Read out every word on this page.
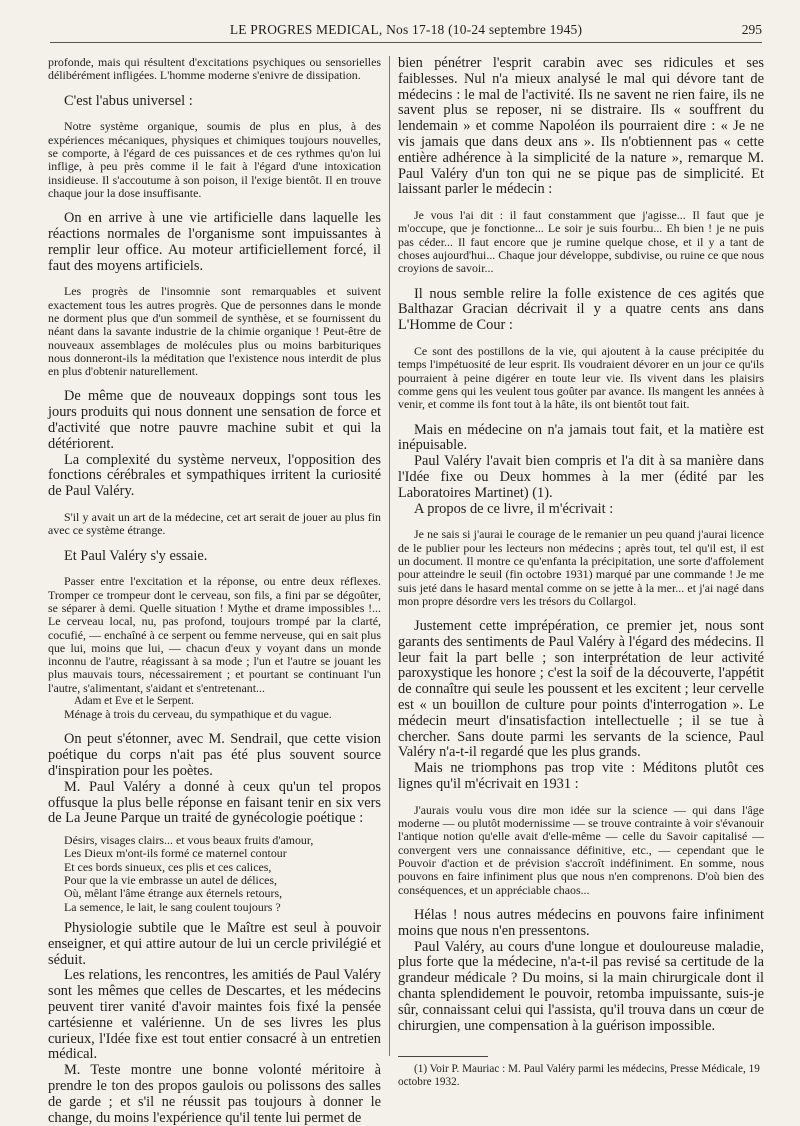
LE PROGRES MEDICAL, Nos 17-18 (10-24 septembre 1945)	295

profonde, mais qui résultent d'excitations psychiques ou sensorielles délibérément infligées. L'homme moderne s'enivre de dissipation.

C'est l'abus universel :

Notre système organique, soumis de plus en plus, à des expériences mécaniques, physiques et chimiques toujours nouvelles, se comporte, à l'égard de ces puissances et de ces rythmes qu'on lui inflige, à peu près comme il le fait à l'égard d'une intoxication insidieuse. Il s'accoutume à son poison, il l'exige bientôt. Il en trouve chaque jour la dose insuffisante.

On en arrive à une vie artificielle dans laquelle les réactions normales de l'organisme sont impuissantes à remplir leur office. Au moteur artificiellement forcé, il faut des moyens artificiels.

Les progrès de l'insomnie sont remarquables et suivent exactement tous les autres progrès. Que de personnes dans le monde ne dorment plus que d'un sommeil de synthèse, et se fournissent du néant dans la savante industrie de la chimie organique ! Peut-être de nouveaux assemblages de molécules plus ou moins barbituriques nous donneront-ils la méditation que l'existence nous interdit de plus en plus d'obtenir naturellement.

De même que de nouveaux doppings sont tous les jours produits qui nous donnent une sensation de force et d'activité que notre pauvre machine subit et qui la détériorent.

La complexité du système nerveux, l'opposition des fonctions cérébrales et sympathiques irritent la curiosité de Paul Valéry.

S'il y avait un art de la médecine, cet art serait de jouer au plus fin avec ce système étrange.

Et Paul Valéry s'y essaie.

Passer entre l'excitation et la réponse, ou entre deux réflexes. Tromper ce trompeur dont le cerveau, son fils, a fini par se dégoûter, se séparer à demi. Quelle situation ! Mythe et drame impossibles !... Le cerveau local, nu, pas profond, toujours trompé par la clarté, cocufié, — enchaîné à ce serpent ou femme nerveuse, qui en sait plus que lui, moins que lui, — chacun d'eux y voyant dans un monde inconnu de l'autre, réagissant à sa mode ; l'un et l'autre se jouant les plus mauvais tours, nécessairement ; et pourtant se continuant l'un l'autre, s'alimentant, s'aidant et s'entretenant...

Adam et Eve et le Serpent.

Ménage à trois du cerveau, du sympathique et du vague.

On peut s'étonner, avec M. Sendrail, que cette vision poétique du corps n'ait pas été plus souvent source d'inspiration pour les poètes.

M. Paul Valéry a donné à ceux qu'un tel propos offusque la plus belle réponse en faisant tenir en six vers de La Jeune Parque un traité de gynécologie poétique :

Désirs, visages clairs... et vous beaux fruits d'amour,

Les Dieux m'ont-ils formé ce maternel contour

Et ces bords sinueux, ces plis et ces calices,

Pour que la vie embrasse un autel de délices,

Où, mêlant l'âme étrange aux éternels retours,

La semence, le lait, le sang coulent toujours ?

Physiologie subtile que le Maître est seul à pouvoir enseigner, et qui attire autour de lui un cercle privilégié et séduit.

Les relations, les rencontres, les amitiés de Paul Valéry sont les mêmes que celles de Descartes, et les médecins peuvent tirer vanité d'avoir maintes fois fixé la pensée cartésienne et valérienne. Un de ses livres les plus curieux, l'Idée fixe est tout entier consacré à un entretien médical.

M. Teste montre une bonne volonté méritoire à prendre le ton des propos gaulois ou polissons des salles de garde ; et s'il ne réussit pas toujours à donner le change, du moins l'expérience qu'il tente lui permet de

bien pénétrer l'esprit carabin avec ses ridicules et ses faiblesses. Nul n'a mieux analysé le mal qui dévore tant de médecins : le mal de l'activité. Ils ne savent ne rien faire, ils ne savent plus se reposer, ni se distraire. Ils « souffrent du lendemain » et comme Napoléon ils pourraient dire : « Je ne vis jamais que dans deux ans ». Ils n'obtiennent pas « cette entière adhérence à la simplicité de la nature », remarque M. Paul Valéry d'un ton qui ne se pique pas de simplicité. Et laissant parler le médecin :

Je vous l'ai dit : il faut constamment que j'agisse... Il faut que je m'occupe, que je fonctionne... Le soir je suis fourbu... Eh bien ! je ne puis pas céder... Il faut encore que je rumine quelque chose, et il y a tant de choses aujourd'hui... Chaque jour développe, subdivise, ou ruine ce que nous croyions de savoir...

Il nous semble relire la folle existence de ces agités que Balthazar Gracian décrivait il y a quatre cents ans dans L'Homme de Cour :

Ce sont des postillons de la vie, qui ajoutent à la cause précipitée du temps l'impétuosité de leur esprit. Ils voudraient dévorer en un jour ce qu'ils pourraient à peine digérer en toute leur vie. Ils vivent dans les plaisirs comme gens qui les veulent tous goûter par avance. Ils mangent les années à venir, et comme ils font tout à la hâte, ils ont bientôt tout fait.

Mais en médecine on n'a jamais tout fait, et la matière est inépuisable.

Paul Valéry l'avait bien compris et l'a dit à sa manière dans l'Idée fixe ou Deux hommes à la mer (édité par les Laboratoires Martinet) (1).

A propos de ce livre, il m'écrivait :

Je ne sais si j'aurai le courage de le remanier un peu quand j'aurai licence de le publier pour les lecteurs non médecins ; après tout, tel qu'il est, il est un document. Il montre ce qu'enfanta la précipitation, une sorte d'affolement pour atteindre le seuil (fin octobre 1931) marqué par une commande ! Je me suis jeté dans le hasard mental comme on se jette à la mer... et j'ai nagé dans mon propre désordre vers les trésors du Collargol.

Justement cette imprépération, ce premier jet, nous sont garants des sentiments de Paul Valéry à l'égard des médecins. Il leur fait la part belle ; son interprétation de leur activité paroxystique les honore ; c'est la soif de la découverte, l'appétit de connaître qui seule les poussent et les excitent ; leur cervelle est « un bouillon de culture pour points d'interrogation ». Le médecin meurt d'insatisfaction intellectuelle ; il se tue à chercher. Sans doute parmi les servants de la science, Paul Valéry n'a-t-il regardé que les plus grands.

Mais ne triomphons pas trop vite : Méditons plutôt ces lignes qu'il m'écrivait en 1931 :

J'aurais voulu vous dire mon idée sur la science — qui dans l'âge moderne — ou plutôt modernissime — se trouve contrainte à voir s'évanouir l'antique notion qu'elle avait d'elle-même — celle du Savoir capitalisé — convergent vers une connaissance définitive, etc., — cependant que le Pouvoir d'action et de prévision s'accroît indéfiniment. En somme, nous pouvons en faire infiniment plus que nous n'en comprenons. D'où bien des conséquences, et un appréciable chaos...

Hélas ! nous autres médecins en pouvons faire infiniment moins que nous n'en pressentons.

Paul Valéry, au cours d'une longue et douloureuse maladie, plus forte que la médecine, n'a-t-il pas revisé sa certitude de la grandeur médicale ? Du moins, si la main chirurgicale dont il chanta splendidement le pouvoir, retomba impuissante, suis-je sûr, connaissant celui qui l'assista, qu'il trouva dans un cœur de chirurgien, une compensation à la guérison impossible.

(1) Voir P. Mauriac : M. Paul Valéry parmi les médecins, Presse Médicale, 19 octobre 1932.
